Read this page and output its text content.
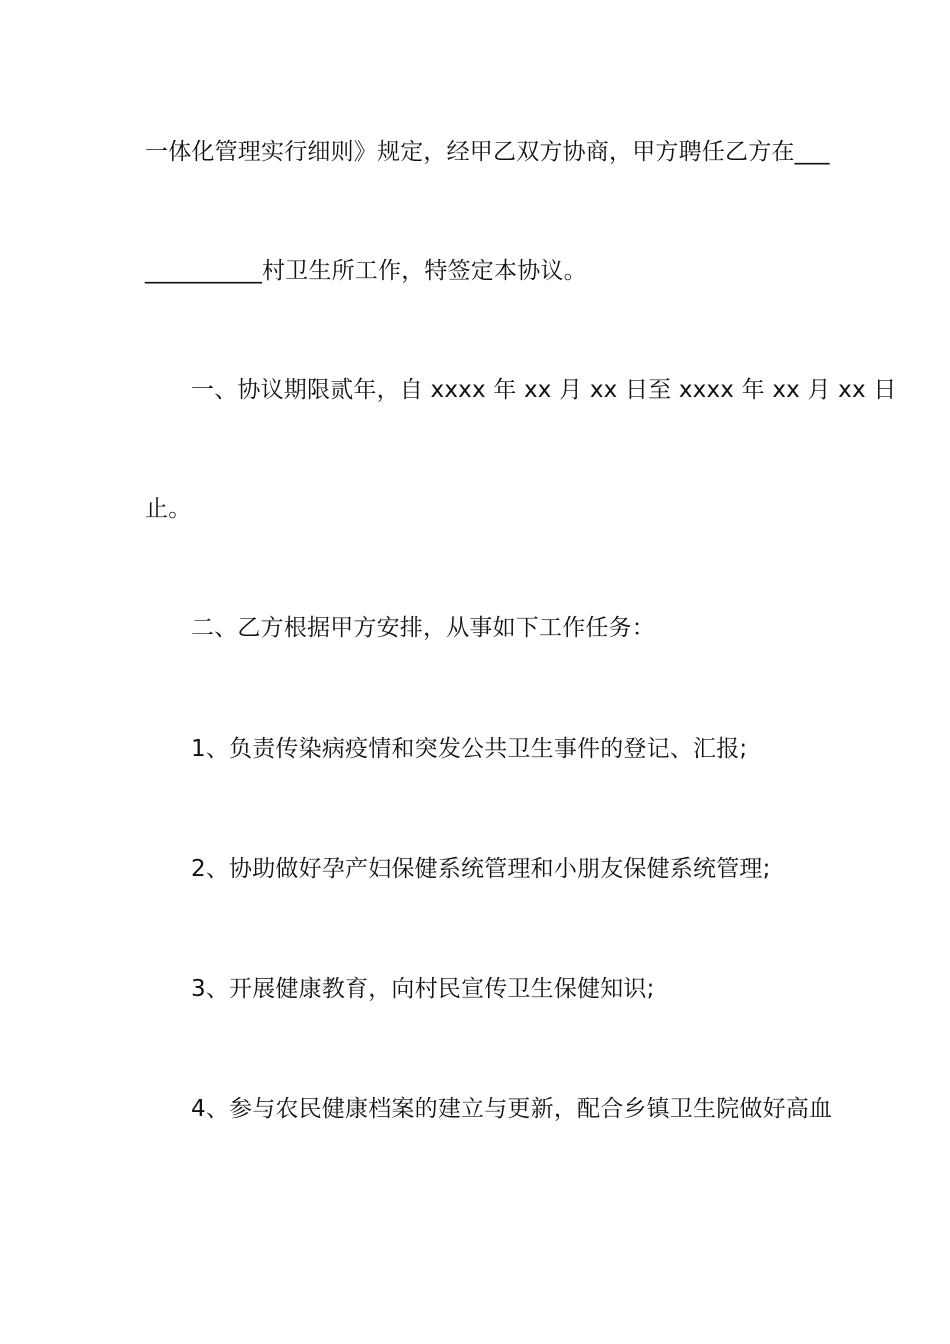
一体化管理实行细则》规定，经甲乙双方协商，甲方聘任乙方在___
__________村卫生所工作，特签定本协议。
一、协议期限贰年，自 xxxx 年 xx 月 xx 日至 xxxx 年 xx 月 xx 日
止。
二、乙方根据甲方安排，从事如下工作任务：
1、负责传染病疫情和突发公共卫生事件的登记、汇报;
2、协助做好孕产妇保健系统管理和小朋友保健系统管理;
3、开展健康教育，向村民宣传卫生保健知识;
4、参与农民健康档案的建立与更新，配合乡镇卫生院做好高血
